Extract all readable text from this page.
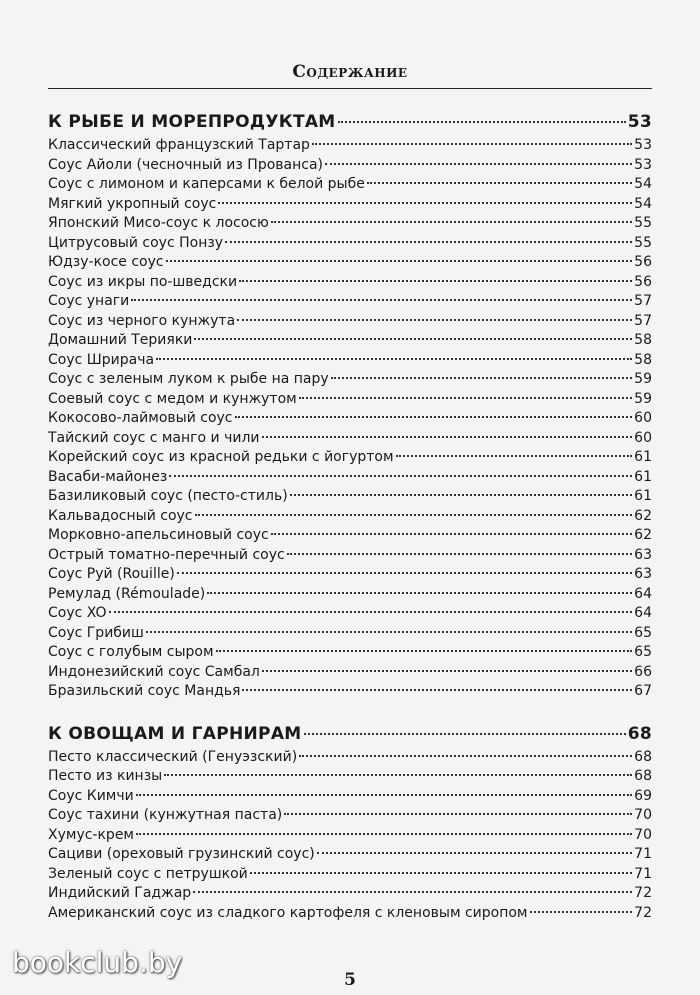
Содержание
К РЫБЕ И МОРЕПРОДУКТАМ	53
Классический французский Тартар	53
Соус Айоли (чесночный из Прованса)	53
Соус с лимоном и каперсами к белой рыбе	54
Мягкий укропный соус	54
Японский Мисо-соус к лососю	55
Цитрусовый соус Понзу	55
Юдзу-косе соус	56
Соус из икры по-шведски	56
Соус унаги	57
Соус из черного кунжута	57
Домашний Терияки	58
Соус Шрирача	58
Соус с зеленым луком к рыбе на пару	59
Соевый соус с медом и кунжутом	59
Кокосово-лаймовый соус	60
Тайский соус с манго и чили	60
Корейский соус из красной редьки с йогуртом	61
Васаби-майонез	61
Базиликовый соус (песто-стиль)	61
Кальвадосный соус	62
Морковно-апельсиновый соус	62
Острый томатно-перечный соус	63
Соус Руй (Rouille)	63
Ремулад (Rémoulade)	64
Соус XO	64
Соус Грибиш	65
Соус с голубым сыром	65
Индонезийский соус Самбал	66
Бразильский соус Мандья	67
К ОВОЩАМ И ГАРНИРАМ	68
Песто классический (Генуэзский)	68
Песто из кинзы	68
Соус Кимчи	69
Соус тахини (кунжутная паста)	70
Хумус-крем	70
Сациви (ореховый грузинский соус)	71
Зеленый соус с петрушкой	71
Индийский Гаджар	72
Американский соус из сладкого картофеля с кленовым сиропом	72
bookclub.by
5
